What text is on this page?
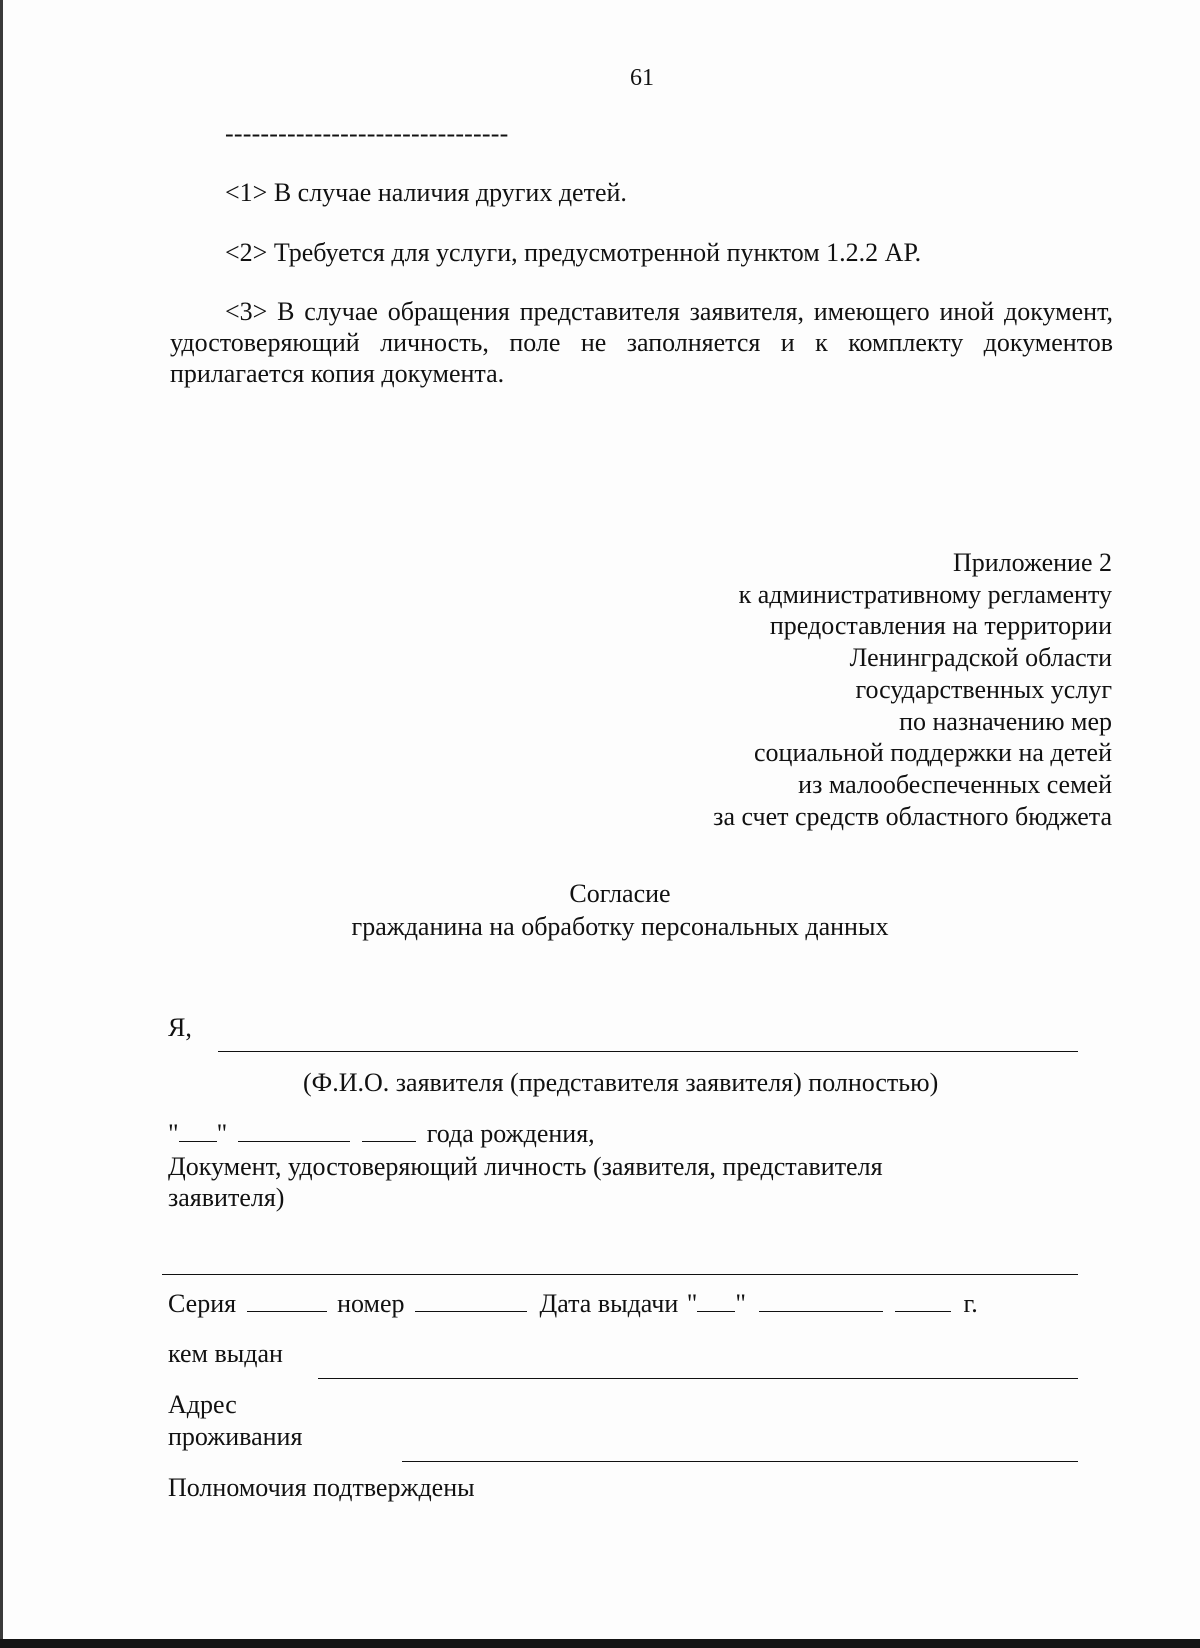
61
--------------------------------
<1> В случае наличия других детей.
<2> Требуется для услуги, предусмотренной пунктом 1.2.2 АР.
<3> В случае обращения представителя заявителя, имеющего иной документ, удостоверяющий личность, поле не заполняется и к комплекту документов прилагается копия документа.
Приложение 2
к административному регламенту
предоставления на территории
Ленинградской области
государственных услуг
по назначению мер
социальной поддержки на детей
из малообеспеченных семей
за счет средств областного бюджета
Согласие
гражданина на обработку персональных данных
Я,
(Ф.И.О. заявителя (представителя заявителя) полностью)
" "	года рождения,
Документ, удостоверяющий личность (заявителя, представителя
заявителя)
Серия	номер	Дата выдачи " "	г.
кем выдан
Адрес
проживания
Полномочия подтверждены
